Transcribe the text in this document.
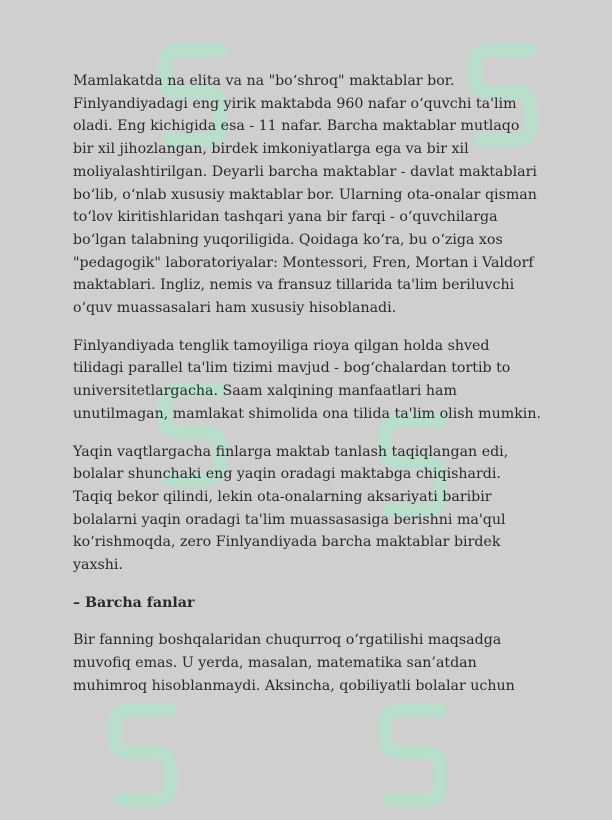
Mamlakatda na elita va na "bo‘shroq" maktablar bor. Finlyandiyadagi eng yirik maktabda 960 nafar o‘quvchi ta'lim oladi. Eng kichigida esa - 11 nafar. Barcha maktablar mutlaqo bir xil jihozlangan, birdek imkoniyatlarga ega va bir xil moliyalashtirilgan. Deyarli barcha maktablar - davlat maktablari bo‘lib, o‘nlab xususiy maktablar bor. Ularning ota-onalar qisman to‘lov kiritishlaridan tashqari yana bir farqi - o‘quvchilarga bo‘lgan talabning yuqoriligida. Qoidaga ko‘ra, bu o‘ziga xos "pedagogik" laboratoriyalar: Montessori, Fren, Mortan i Valdorf maktablari. Ingliz, nemis va fransuz tillarida ta'lim beriluvchi o‘quv muassasalari ham xususiy hisoblanadi.

Finlyandiyada tenglik tamoyiliga rioya qilgan holda shved tilidagi parallel ta'lim tizimi mavjud - bog‘chalardan tortib to universitetlargacha. Saam xalqining manfaatlari ham unutilmagan, mamlakat shimolida ona tilida ta'lim olish mumkin.

Yaqin vaqtlargacha finlarga maktab tanlash taqiqlangan edi, bolalar shunchaki eng yaqin oradagi maktabga chiqishardi. Taqiq bekor qilindi, lekin ota-onalarning aksariyati baribir bolalarni yaqin oradagi ta'lim muassasasiga berishni ma'qul ko‘rishmoqda, zero Finlyandiyada barcha maktablar birdek yaxshi.

– Barcha fanlar

Bir fanning boshqalaridan chuqurroq o‘rgatilishi maqsadga muvofiq emas. U yerda, masalan, matematika san’atdan muhimroq hisoblanmaydi. Aksincha, qobiliyatli bolalar uchun
